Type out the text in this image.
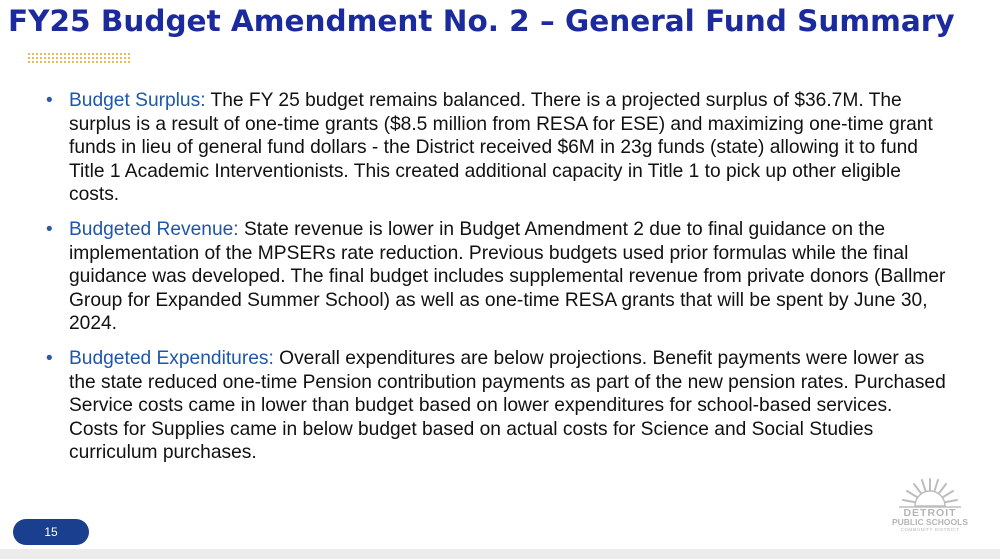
FY25 Budget Amendment No. 2 – General Fund Summary
• Budget Surplus: The FY 25 budget remains balanced. There is a projected surplus of $36.7M. The surplus is a result of one-time grants ($8.5 million from RESA for ESE) and maximizing one-time grant funds in lieu of general fund dollars - the District received $6M in 23g funds (state) allowing it to fund Title 1 Academic Interventionists. This created additional capacity in Title 1 to pick up other eligible costs.
• Budgeted Revenue: State revenue is lower in Budget Amendment 2 due to final guidance on the implementation of the MPSERs rate reduction. Previous budgets used prior formulas while the final guidance was developed. The final budget includes supplemental revenue from private donors (Ballmer Group for Expanded Summer School) as well as one-time RESA grants that will be spent by June 30, 2024.
• Budgeted Expenditures: Overall expenditures are below projections. Benefit payments were lower as the state reduced one-time Pension contribution payments as part of the new pension rates. Purchased Service costs came in lower than budget based on lower expenditures for school-based services. Costs for Supplies came in below budget based on actual costs for Science and Social Studies curriculum purchases.
15
DETROIT
PUBLIC SCHOOLS
COMMUNITY DISTRICT
